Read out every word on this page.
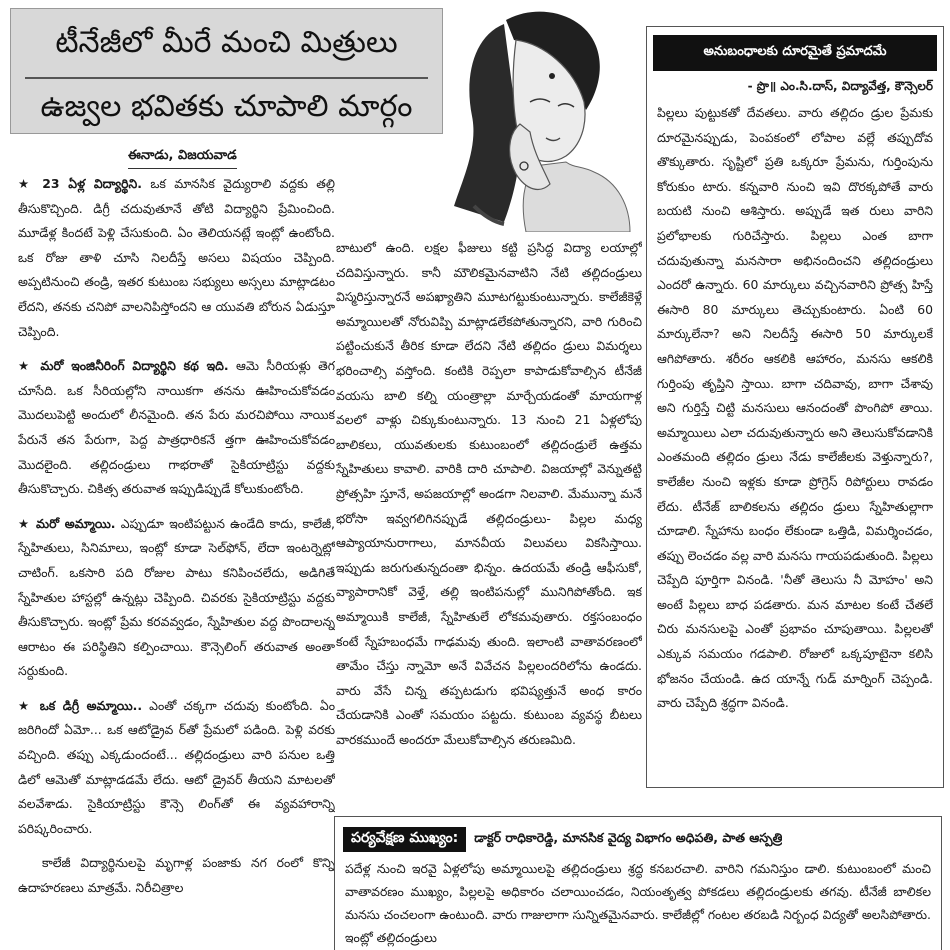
టీనేజీలో మీరే మంచి మిత్రులు
ఉజ్వల భవితకు చూపాలి మార్గం
ఈనాడు, విజయవాడ

★ 23 ఏళ్ల విద్యార్థిని. ఒక మానసిక వైద్యురాలి వద్దకు తల్లి తీసుకొచ్చింది. డిగ్రీ చదువుతూనే తోటి విద్యార్థిని ప్రేమించింది. మూడేళ్ల కిందటే పెళ్లి చేసుకుంది. ఏం తెలియనట్లే ఇంట్లో ఉంటోంది. ఒక రోజు తాళి చూసి నిలదీస్తే అసలు విషయం చెప్పింది. అప్పటినుంచి తండ్రి, ఇతర కుటుంబ సభ్యులు అస్సలు మాట్లాడటం లేదని, తనకు చనిపో వాలనిపిస్తోందని ఆ యువతి బోరున ఏడుస్తూ చెప్పింది.

★ మరో ఇంజినీరింగ్ విద్యార్థిని కథ ఇది. ఆమె సీరియళ్లు తెగ చూసేది. ఒక సీరియల్లోని నాయికగా తనను ఊహించుకోవడం మొదలుపెట్టి అందులో లీనమైంది. తన పేరు మరచిపోయి నాయిక పేరునే తన పేరుగా, పెద్ద పాత్రధారికనే త్తగా ఊహించుకోవడం మొదలైంది. తల్లిదండ్రులు గాభరాతో సైకియాట్రిస్టు వద్దకు తీసుకొచ్చారు. చికిత్స తరువాత ఇప్పుడిప్పుడే కోలుకుంటోంది.

★ మరో అమ్మాయి. ఎప్పుడూ ఇంటిపట్టున ఉండేది కాదు, కాలేజీ, స్నేహితులు, సినిమాలు, ఇంట్లో కూడా సెల్‌ఫోన్, లేదా ఇంటర్నెట్లో చాటింగ్. ఒకసారి పది రోజుల పాటు కనిపించలేదు, అడిగితే స్నేహితుల హాస్టల్లో ఉన్నట్లు చెప్పింది. చివరకు సైకియాట్రిస్టు వద్దకు తీసుకొచ్చారు. ఇంట్లో ప్రేమ కరవవ్వడం, స్నేహితుల వద్ద పొందాలన్న ఆరాటం ఈ పరిస్థితిని కల్పించాయి. కౌన్సెలింగ్ తరువాత అంతా సర్దుకుంది.

★ ఒక డిగ్రీ అమ్మాయి.. ఎంతో చక్కగా చదువు కుంటోంది. ఏం జరిగిందో ఏమో... ఒక ఆటోడ్రైవ ర్‌తో ప్రేమలో పడింది. పెళ్లి వరకు వచ్చింది. తప్పు ఎక్కడుందంటే... తల్లిదండ్రులు వారి పనుల ఒత్తి డిలో ఆమెతో మాట్లాడడమే లేదు. ఆటో డ్రైవర్ తీయని మాటలతో వలవేశాడు. సైకియాట్రిస్టు కౌన్సె లింగ్‌తో ఈ వ్యవహారాన్ని పరిష్కరించారు.

కాలేజీ విద్యార్థినులపై మృగాళ్ల పంజాకు నగ రంలో కొన్ని ఉదాహరణలు మాత్రమే. నిరీచిత్రాల

బాటులో ఉంది. లక్షల ఫీజులు కట్టి ప్రసిద్ధ విద్యా లయాల్లో చదివిస్తున్నారు. కానీ మౌలికమైనవాటిని నేటి తల్లిదండ్రులు విస్మరిస్తున్నారనే అపఖ్యాతిని మూటగట్టుకుంటున్నారు. కాలేజీకెళ్లే అమ్మాయిలతో నోరువిప్పి మాట్లాడలేకపోతున్నారని, వారి గురించి పట్టించుకునే తీరిక కూడా లేదని నేటి తల్లిదం డ్రులు విమర్శలు భరించాల్సి వస్తోంది. కంటికి రెప్పలా కాపాడుకోవాల్సిన టీనేజీ వయసు బాలి కల్ని యంత్రాల్లా మార్చేయడంతో మాయగాళ్ల వలలో వాళ్లు చిక్కుకుంటున్నారు. 13 నుంచి 21 ఏళ్లలోపు బాలికలు, యువతులకు కుటుంబంలో తల్లిదండ్రులే ఉత్తమ స్నేహితులు కావాలి. వారికి దారి చూపాలి. విజయాల్లో వెన్నుతట్టి ప్రోత్సహి స్తూనే, అపజయాల్లో అండగా నిలవాలి. మేమున్నా మనే భరోసా ఇవ్వగలిగినప్పుడే తల్లిదండ్రులు- పిల్లల మధ్య ఆప్యాయానురాగాలు, మానవీయ విలువలు వికసిస్తాయి. ఇప్పుడు జరుగుతున్నదంతా భిన్నం. ఉదయమే తండ్రి ఆఫీసుకో, వ్యాపారానికో వెళ్తే, తల్లి ఇంటిపనుల్లో మునిగిపోతోంది. ఇక అమ్మాయికి కాలేజీ, స్నేహితులే లోకమవుతారు. రక్తసంబంధం కంటే స్నేహబంధమే గాఢమవు తుంది. ఇలాంటి వాతావరణంలో తామేం చేస్తు న్నామో అనే వివేచన పిల్లలందరిలోను ఉండదు. వారు వేసే చిన్న తప్పటడుగు భవిష్యత్తునే అంధ కారం చేయడానికి ఎంతో సమయం పట్టదు. కుటుంబ వ్యవస్థ బీటలు వారకముందే అందరూ మేలుకోవాల్సిన తరుణమిది.

అనుబంధాలకు దూరమైతే ప్రమాదమే
- ప్రొ॥ ఎం.సి.దాస్, విద్యావేత్త, కౌన్సెలర్
పిల్లలు పుట్టుకతో దేవతలు. వారు తల్లిదం డ్రుల ప్రేమకు దూరమైనప్పుడు, పెంపకంలో లోపాల వల్లే తప్పుదోవ తొక్కుతారు. సృష్టిలో ప్రతి ఒక్కరూ ప్రేమను, గుర్తింపును కోరుకుం టారు. కన్నవారి నుంచి ఇవి దొరక్కపోతే వారు బయటి నుంచి ఆశిస్తారు. అప్పుడే ఇత రులు వారిని ప్రలోభాలకు గురిచేస్తారు. పిల్లలు ఎంత బాగా చదువుతున్నా మనసారా అభినందించని తల్లిదండ్రులు ఎందరో ఉన్నారు. 60 మార్కులు వచ్చినవారిని ప్రోత్స హిస్తే ఈసారి 80 మార్కులు తెచ్చుకుంటారు. ఏంటి 60 మార్కులేనా? అని నిలదీస్తే ఈసారి 50 మార్కులకే ఆగిపోతారు. శరీరం ఆకలికి ఆహారం, మనసు ఆకలికి గుర్తింపు తృప్తిని స్తాయి. బాగా చదివావు, బాగా చేశావు అని గుర్తిస్తే చిట్టి మనసులు ఆనందంతో పొంగిపో తాయి. అమ్మాయిలు ఎలా చదువుతున్నారు అని తెలుసుకోవడానికి ఎంతమంది తల్లిదం డ్రులు నేడు కాలేజీలకు వెళ్తున్నారు?, కాలేజీల నుంచి ఇళ్లకు కూడా ప్రోగ్రెస్ రిపోర్టులు రావడం లేదు. టీనేజ్ బాలికలను తల్లిదం డ్రులు స్నేహితుల్లాగా చూడాలి. స్నేహాను బంధం లేకుండా ఒత్తిడి, విమర్శించడం, తప్పు లెంచడం వల్ల వారి మనసు గాయపడుతుంది. పిల్లలు చెప్పేది పూర్తిగా వినండి. 'నీతో తెలుసు నీ మోహం' అని అంటే పిల్లలు బాధ పడతారు. మన మాటల కంటే చేతలే చిరు మనసులపై ఎంతో ప్రభావం చూపుతాయి. పిల్లలతో ఎక్కువ సమయం గడపాలి. రోజులో ఒక్కపూటైనా కలిసి భోజనం చేయండి. ఉద యాన్నే గుడ్ మార్నింగ్ చెప్పండి. వారు చెప్పేది శ్రద్ధగా వినండి.
పర్యవేక్షణ ముఖ్యం:	డాక్టర్ రాధికారెడ్డి, మానసిక వైద్య విభాగం అధిపతి, పాత ఆస్పత్రి
పదేళ్ల నుంచి ఇరవై ఏళ్లలోపు అమ్మాయిలపై తల్లిదండ్రులు శ్రద్ధ కనబరచాలి. వారిని గమనిస్తుం డాలి. కుటుంబంలో మంచి వాతావరణం ముఖ్యం, పిల్లలపై అధికారం చలాయించడం, నియంతృత్వ పోకడలు తల్లిదండ్రులకు తగవు. టీనేజీ బాలికల మనసు చంచలంగా ఉంటుంది. వారు గాజులాగా సున్నితమైనవారు. కాలేజీల్లో గంటల తరబడి నిర్బంధ విద్యతో అలసిపోతారు. ఇంట్లో తల్లిదండ్రులు
